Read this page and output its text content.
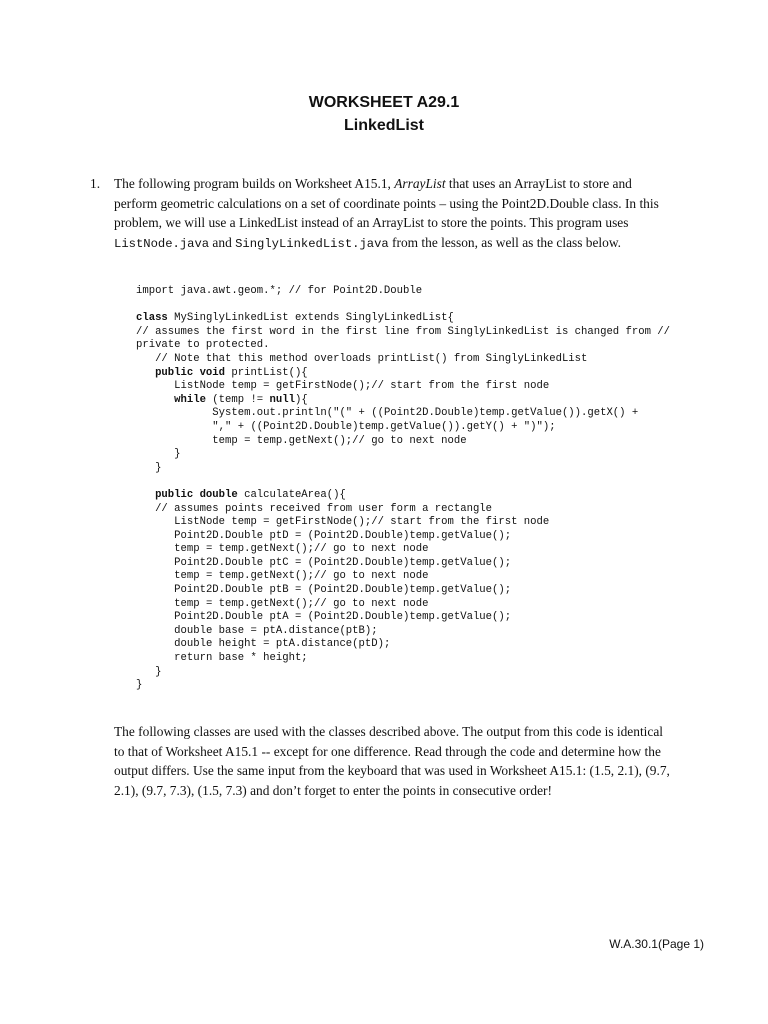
WORKSHEET A29.1
LinkedList
1. The following program builds on Worksheet A15.1, ArrayList that uses an ArrayList to store and perform geometric calculations on a set of coordinate points – using the Point2D.Double class. In this problem, we will use a LinkedList instead of an ArrayList to store the points. This program uses ListNode.java and SinglyLinkedList.java from the lesson, as well as the class below.
import java.awt.geom.*; // for Point2D.Double
class MySinglyLinkedList extends SinglyLinkedList{
// assumes the first word in the first line from SinglyLinkedList is changed from //
private to protected.
// Note that this method overloads printList() from SinglyLinkedList
public void printList(){
ListNode temp = getFirstNode();// start from the first node
while (temp != null){
System.out.println("(" + ((Point2D.Double)temp.getValue()).getX() +
"," + ((Point2D.Double)temp.getValue()).getY() + ")");
temp = temp.getNext();// go to next node
}
}
public double calculateArea(){
// assumes points received from user form a rectangle
ListNode temp = getFirstNode();// start from the first node
Point2D.Double ptD = (Point2D.Double)temp.getValue();
temp = temp.getNext();// go to next node
Point2D.Double ptC = (Point2D.Double)temp.getValue();
temp = temp.getNext();// go to next node
Point2D.Double ptB = (Point2D.Double)temp.getValue();
temp = temp.getNext();// go to next node
Point2D.Double ptA = (Point2D.Double)temp.getValue();
double base = ptA.distance(ptB);
double height = ptA.distance(ptD);
return base * height;
}
}
The following classes are used with the classes described above. The output from this code is identical to that of Worksheet A15.1 -- except for one difference. Read through the code and determine how the output differs. Use the same input from the keyboard that was used in Worksheet A15.1: (1.5, 2.1), (9.7, 2.1), (9.7, 7.3), (1.5, 7.3) and don’t forget to enter the points in consecutive order!
W.A.30.1(Page 1)
